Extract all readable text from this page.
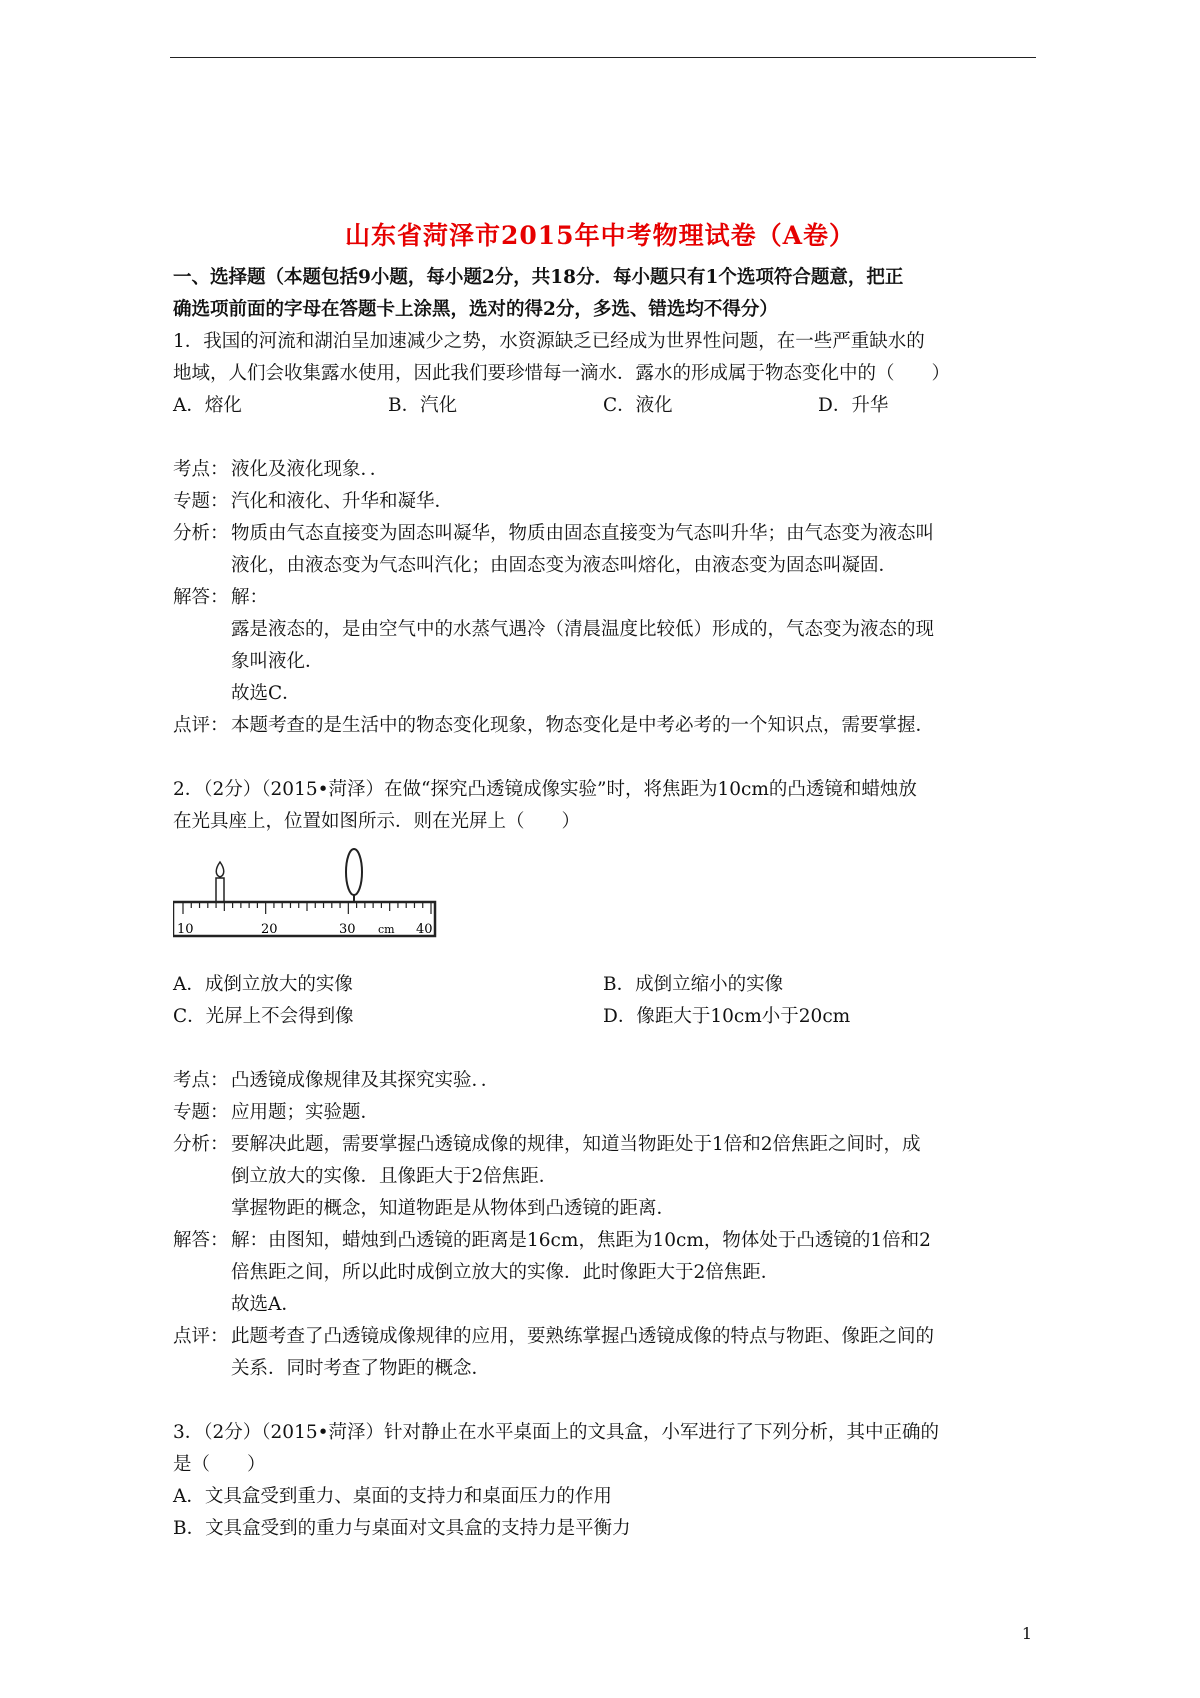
山东省菏泽市2015年中考物理试卷（A卷）

一、选择题（本题包括9小题，每小题2分，共18分．每小题只有1个选项符合题意，把正

确选项前面的字母在答题卡上涂黑，选对的得2分，多选、错选均不得分）

1．我国的河流和湖泊呈加速减少之势，水资源缺乏已经成为世界性问题，在一些严重缺水的

地域，人们会收集露水使用，因此我们要珍惜每一滴水．露水的形成属于物态变化中的（　　）

A．熔化	B．汽化	C．液化	D．升华
考点： 液化及液化现象．．
专题： 汽化和液化、升华和凝华．
分析： 物质由气态直接变为固态叫凝华，物质由固态直接变为气态叫升华；由气态变为液态叫
液化，由液态变为气态叫汽化；由固态变为液态叫熔化，由液态变为固态叫凝固．
解答： 解：

露是液态的，是由空气中的水蒸气遇冷（清晨温度比较低）形成的，气态变为液态的现

象叫液化．

故选C．

点评： 本题考查的是生活中的物态变化现象，物态变化是中考必考的一个知识点，需要掌握．

2．（2分）（2015•菏泽）在做“探究凸透镜成像实验”时，将焦距为10cm的凸透镜和蜡烛放

在光具座上，位置如图所示．则在光屏上（　　）

10	20	30 cm 40
A．成倒立放大的实像	B．成倒立缩小的实像
C．光屏上不会得到像	D．像距大于10cm小于20cm
考点： 凸透镜成像规律及其探究实验．．
专题： 应用题；实验题．
分析： 要解决此题，需要掌握凸透镜成像的规律，知道当物距处于1倍和2倍焦距之间时，成
倒立放大的实像．且像距大于2倍焦距．
掌握物距的概念，知道物距是从物体到凸透镜的距离．
解答： 解：由图知，蜡烛到凸透镜的距离是16cm，焦距为10cm，物体处于凸透镜的1倍和2
倍焦距之间，所以此时成倒立放大的实像．此时像距大于2倍焦距．
故选A．
点评： 此题考查了凸透镜成像规律的应用，要熟练掌握凸透镜成像的特点与物距、像距之间的
关系．同时考查了物距的概念．

3．（2分）（2015•菏泽）针对静止在水平桌面上的文具盒，小军进行了下列分析，其中正确的

是（　　）

A．文具盒受到重力、桌面的支持力和桌面压力的作用

B．文具盒受到的重力与桌面对文具盒的支持力是平衡力

1
